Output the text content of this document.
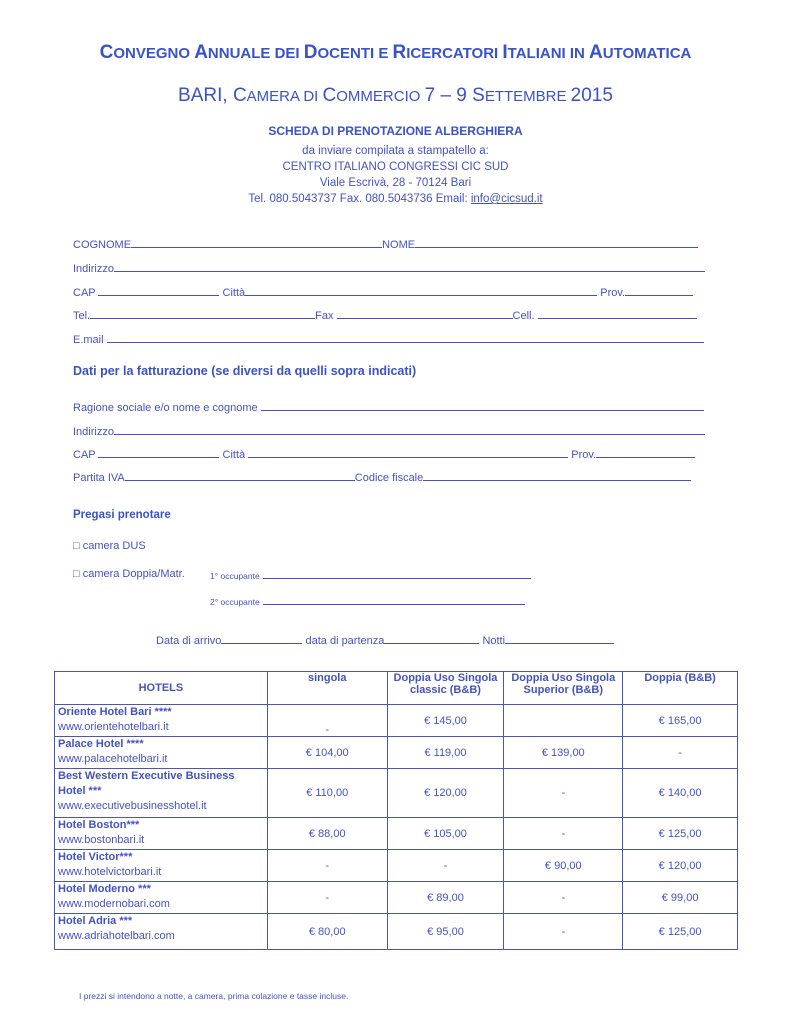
CONVEGNO ANNUALE DEI DOCENTI E RICERCATORI ITALIANI IN AUTOMATICA
BARI, CAMERA DI COMMERCIO 7 – 9 SETTEMBRE 2015
SCHEDA DI PRENOTAZIONE ALBERGHIERA
da inviare compilata a stampatello a:
CENTRO ITALIANO CONGRESSI CIC SUD
Viale Escrivà, 28 - 70124 Bari
Tel. 080.5043737 Fax. 080.5043736 Email: info@cicsud.it
COGNOME	NOME
Indirizzo
CAP	Città	Prov.
Tel.	Fax	Cell.
E.mail
Dati per la fatturazione (se diversi da quelli sopra indicati)
Ragione sociale e/o nome e cognome
Indirizzo
CAP	Città	Prov.
Partita IVA	Codice fiscale
Pregasi prenotare
□ camera DUS
□ camera Doppia/Matr.	1° occupante
2° occupante
Data di arrivo	data di partenza	Notti
HOTELS	singola	Doppia Uso Singola classic (B&B)	Doppia Uso Singola Superior (B&B)	Doppia (B&B)
Oriente Hotel Bari ****
www.orientehotelbari.it	-	€ 145,00		€ 165,00
Palace Hotel ****
www.palacehotelbari.it	€ 104,00	€ 119,00	€ 139,00	-
Best Western Executive Business Hotel ***
www.executivebusinesshotel.it	€ 110,00	€ 120,00	-	€ 140,00
Hotel Boston***
www.bostonbari.it	€ 88,00	€ 105,00	-	€ 125,00
Hotel Victor***
www.hotelvictorbari.it	-	-	€ 90,00	€ 120,00
Hotel Moderno ***
www.modernobari.com	-	€ 89,00	-	€ 99,00
Hotel Adria ***
www.adriahotelbari.com	€ 80,00	€ 95,00	-	€ 125,00
I prezzi si intendono a notte, a camera, prima colazione e tasse incluse.
